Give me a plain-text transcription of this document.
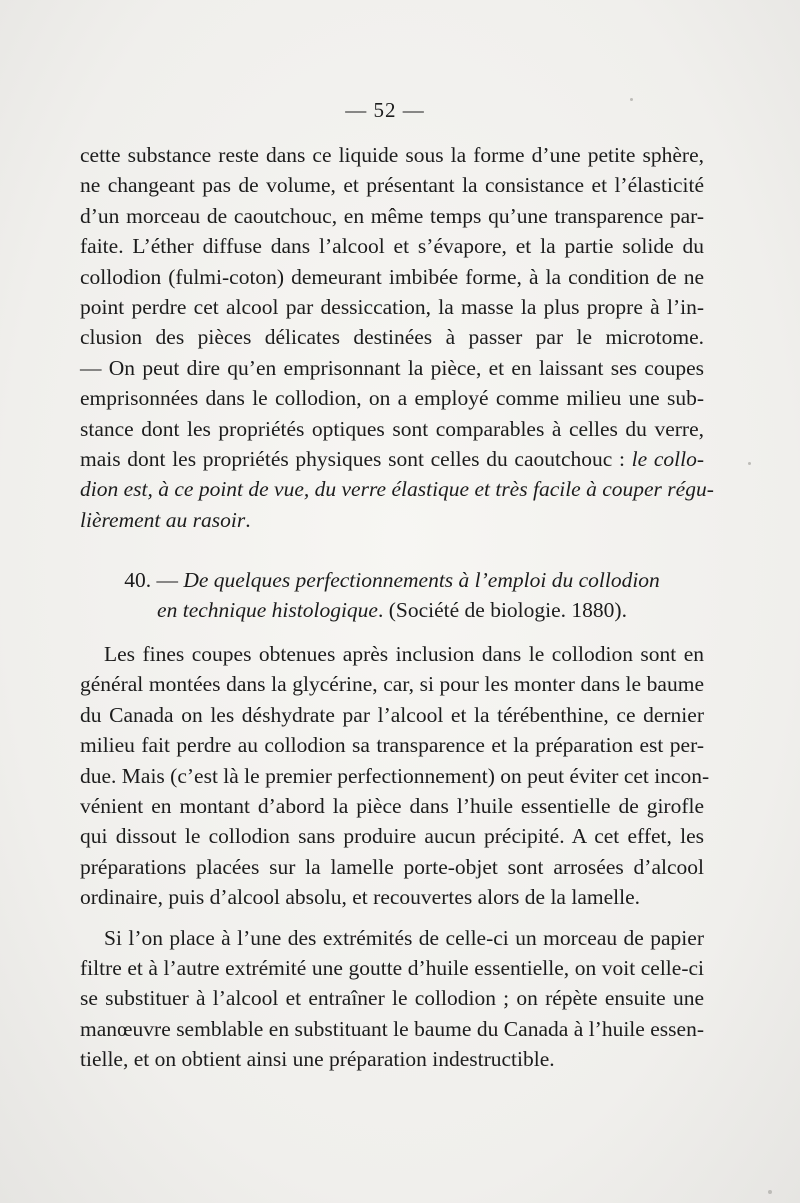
— 52 —

cette substance reste dans ce liquide sous la forme d’une petite sphère,
ne changeant pas de volume, et présentant la consistance et l’élasticité
d’un morceau de caoutchouc, en même temps qu’une transparence par-
faite. L’éther diffuse dans l’alcool et s’évapore, et la partie solide du
collodion (fulmi-coton) demeurant imbibée forme, à la condition de ne
point perdre cet alcool par dessiccation, la masse la plus propre à l’in-
clusion des pièces délicates destinées à passer par le microtome.
— On peut dire qu’en emprisonnant la pièce, et en laissant ses coupes
emprisonnées dans le collodion, on a employé comme milieu une sub-
stance dont les propriétés optiques sont comparables à celles du verre,
mais dont les propriétés physiques sont celles du caoutchouc : le collo-
dion est, à ce point de vue, du verre élastique et très facile à couper régu-
lièrement au rasoir.

40. — De quelques perfectionnements à l’emploi du collodion
en technique histologique. (Société de biologie. 1880).

Les fines coupes obtenues après inclusion dans le collodion sont en
général montées dans la glycérine, car, si pour les monter dans le baume
du Canada on les déshydrate par l’alcool et la térébenthine, ce dernier
milieu fait perdre au collodion sa transparence et la préparation est per-
due. Mais (c’est là le premier perfectionnement) on peut éviter cet incon-
vénient en montant d’abord la pièce dans l’huile essentielle de girofle
qui dissout le collodion sans produire aucun précipité. A cet effet, les
préparations placées sur la lamelle porte-objet sont arrosées d’alcool
ordinaire, puis d’alcool absolu, et recouvertes alors de la lamelle.

Si l’on place à l’une des extrémités de celle-ci un morceau de papier
filtre et à l’autre extrémité une goutte d’huile essentielle, on voit celle-ci
se substituer à l’alcool et entraîner le collodion ; on répète ensuite une
manœuvre semblable en substituant le baume du Canada à l’huile essen-
tielle, et on obtient ainsi une préparation indestructible.
